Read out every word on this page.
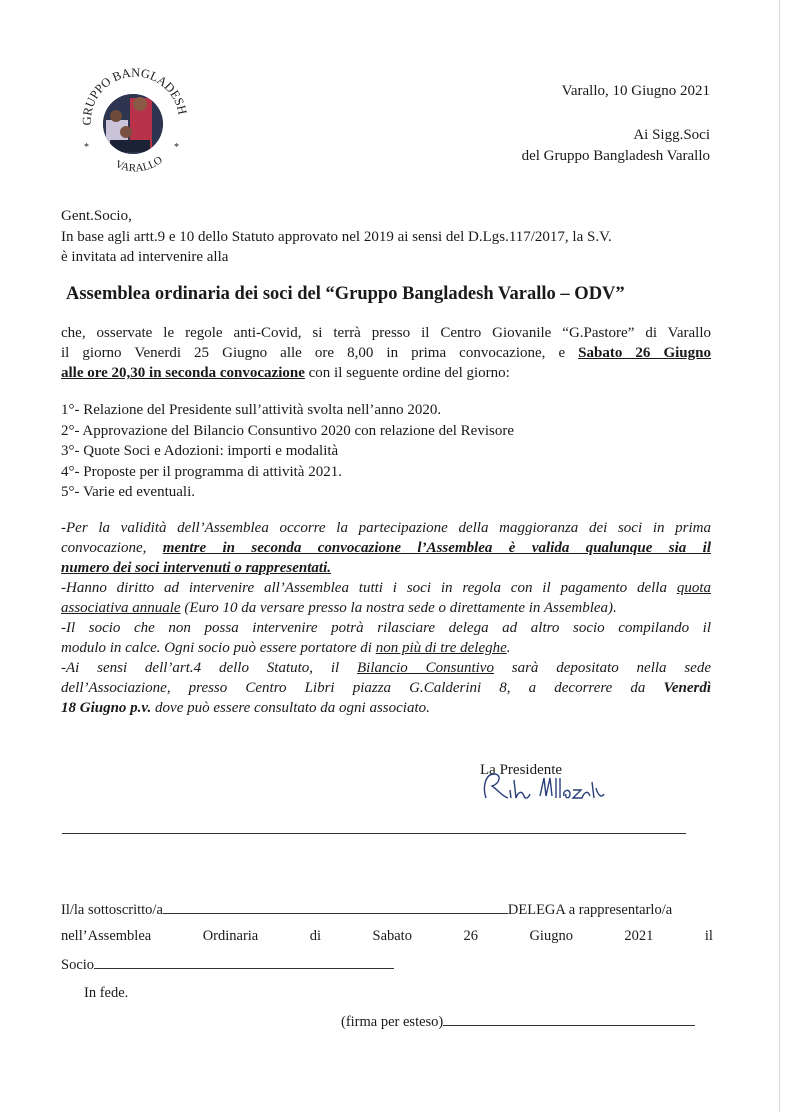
GRUPPO BANGLADESH
VARALLO
*	*
Varallo, 10 Giugno 2021
Ai Sigg.Soci
del Gruppo Bangladesh Varallo
Gent.Socio,
In base agli artt.9 e 10 dello Statuto approvato nel 2019 ai sensi del D.Lgs.117/2017, la S.V.
è invitata ad intervenire alla
Assemblea ordinaria dei soci del “Gruppo Bangladesh Varallo – ODV”
che, osservate le regole anti-Covid, si terrà presso il Centro Giovanile “G.Pastore” di Varallo
il giorno Venerdi 25 Giugno alle ore 8,00 in prima convocazione, e Sabato 26 Giugno
alle ore 20,30 in seconda convocazione con il seguente ordine del giorno:
1°- Relazione del Presidente sull’attività svolta nell’anno 2020.
2°- Approvazione del Bilancio Consuntivo 2020 con relazione del Revisore
3°- Quote Soci e Adozioni: importi e modalità
4°- Proposte per il programma di attività 2021.
5°- Varie ed eventuali.
-Per la validità dell’Assemblea occorre la partecipazione della maggioranza dei soci in prima
convocazione, mentre in seconda convocazione l’Assemblea è valida qualunque sia il
numero dei soci intervenuti o rappresentati.
-Hanno diritto ad intervenire all’Assemblea tutti i soci in regola con il pagamento della quota
associativa annuale (Euro 10 da versare presso la nostra sede o direttamente in Assemblea).
-Il socio che non possa intervenire potrà rilasciare delega ad altro socio compilando il
modulo in calce. Ogni socio può essere portatore di non più di tre deleghe.
-Ai sensi dell’art.4 dello Statuto, il Bilancio Consuntivo sarà depositato nella sede
dell’Associazione, presso Centro Libri piazza G.Calderini 8, a decorrere da Venerdì
18 Giugno p.v. dove può essere consultato da ogni associato.
La Presidente
Il/la sottoscritto/a	DELEGA a rappresentarlo/a
nell’Assemblea	Ordinaria	di	Sabato	26	Giugno	2021	il
Socio
In fede.
(firma per esteso)
